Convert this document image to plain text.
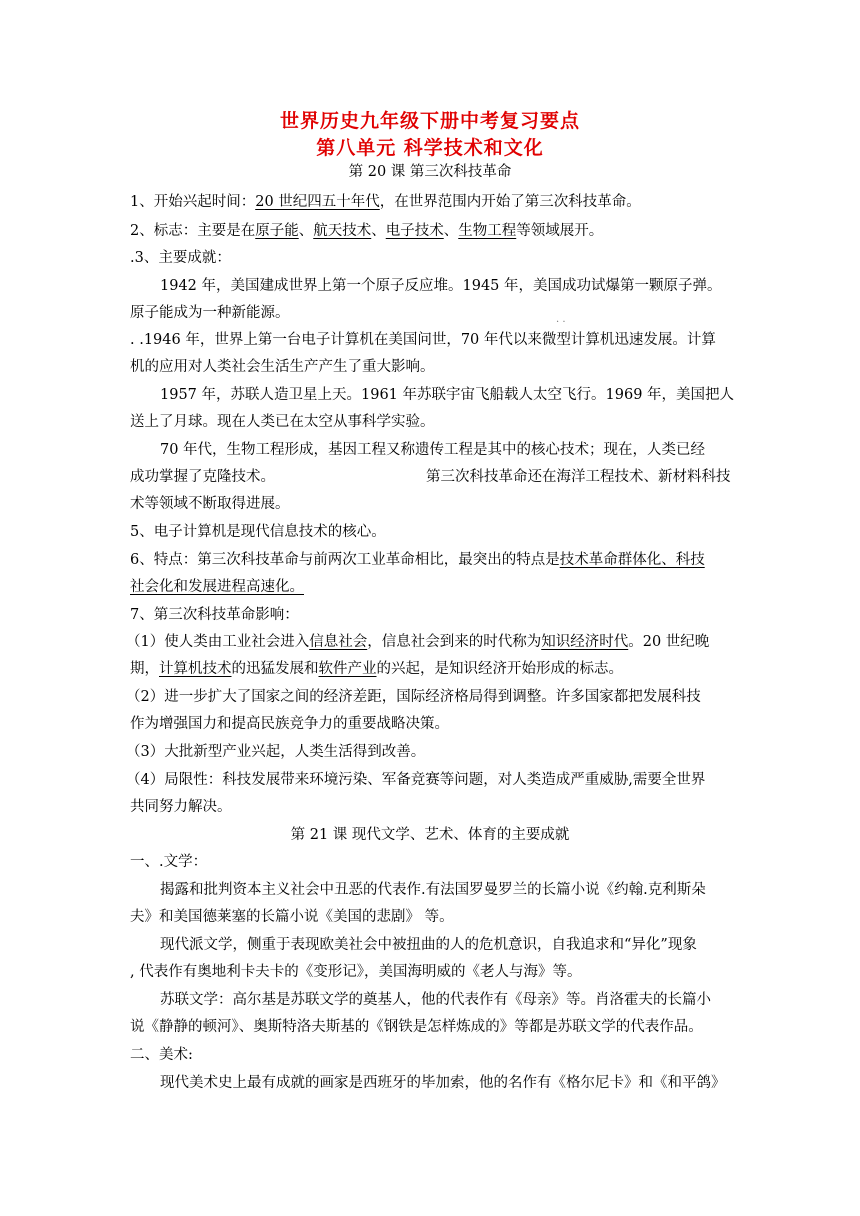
世界历史九年级下册中考复习要点
第八单元 科学技术和文化
第 20 课 第三次科技革命
1、开始兴起时间：20 世纪四五十年代，在世界范围内开始了第三次科技革命。
2、标志：主要是在原子能、航天技术、电子技术、生物工程等领域展开。
.3、主要成就：
1942 年，美国建成世界上第一个原子反应堆。1945 年，美国成功试爆第一颗原子弹。
原子能成为一种新能源。	. .
. .1946 年，世界上第一台电子计算机在美国问世，70 年代以来微型计算机迅速发展。计算
机的应用对人类社会生活生产产生了重大影响。
1957 年，苏联人造卫星上天。1961 年苏联宇宙飞船载人太空飞行。1969 年，美国把人
送上了月球。现在人类已在太空从事科学实验。
70 年代，生物工程形成，基因工程又称遗传工程是其中的核心技术；现在，人类已经
成功掌握了克隆技术。	第三次科技革命还在海洋工程技术、新材料科技
术等领域不断取得进展。
5、电子计算机是现代信息技术的核心。
6、特点：第三次科技革命与前两次工业革命相比，最突出的特点是技术革命群体化、科技
社会化和发展进程高速化。
7、第三次科技革命影响：
（1）使人类由工业社会进入信息社会，信息社会到来的时代称为知识经济时代。20 世纪晚
期，计算机技术的迅猛发展和软件产业的兴起，是知识经济开始形成的标志。
（2）进一步扩大了国家之间的经济差距，国际经济格局得到调整。许多国家都把发展科技
作为增强国力和提高民族竞争力的重要战略决策。
（3）大批新型产业兴起，人类生活得到改善。
（4）局限性：科技发展带来环境污染、军备竞赛等问题，对人类造成严重威胁,需要全世界
共同努力解决。
第 21 课 现代文学、艺术、体育的主要成就
一、.文学：
揭露和批判资本主义社会中丑恶的代表作.有法国罗曼罗兰的长篇小说《约翰.克利斯朵
夫》和美国德莱塞的长篇小说《美国的悲剧》 等。
现代派文学，侧重于表现欧美社会中被扭曲的人的危机意识，自我追求和“异化”现象
, 代表作有奥地利卡夫卡的《变形记》，美国海明威的《老人与海》等。
苏联文学：高尔基是苏联文学的奠基人，他的代表作有《母亲》等。肖洛霍夫的长篇小
说《静静的顿河》、奥斯特洛夫斯基的《钢铁是怎样炼成的》等都是苏联文学的代表作品。
二、美术:
现代美术史上最有成就的画家是西班牙的毕加索，他的名作有《格尔尼卡》和《和平鸽》
